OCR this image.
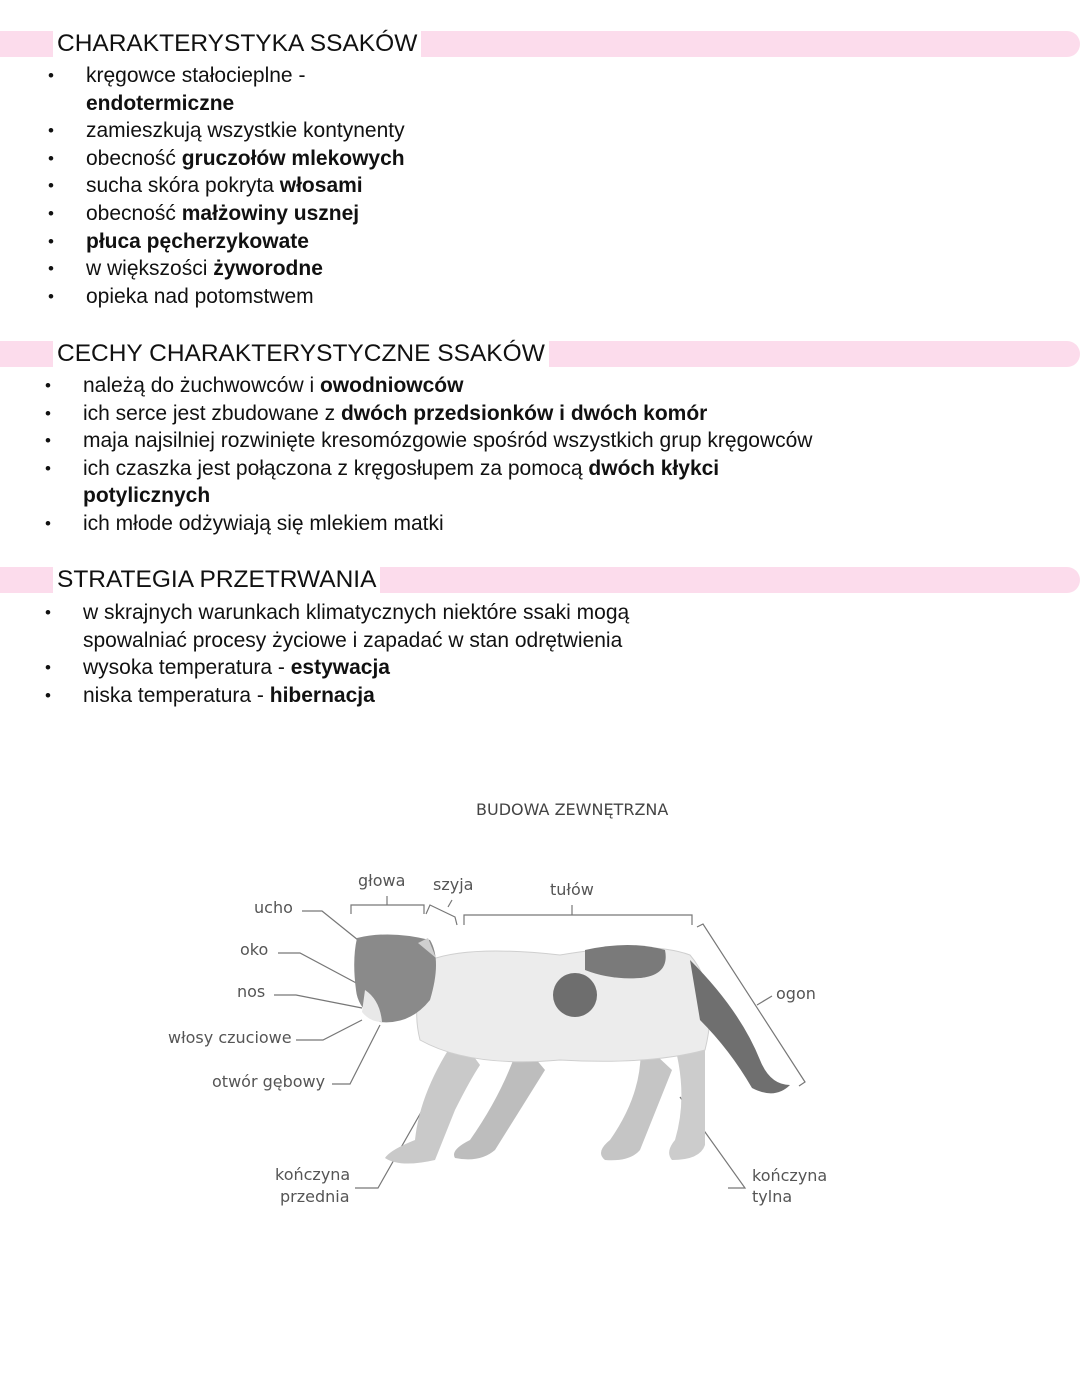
CHARAKTERYSTYKA SSAKÓW
• kręgowce stałocieplne -
endotermiczne
• zamieszkują wszystkie kontynenty
• obecność gruczołów mlekowych
• sucha skóra pokryta włosami
• obecność małżowiny usznej
• płuca pęcherzykowate
• w większości żyworodne
• opieka nad potomstwem
CECHY CHARAKTERYSTYCZNE SSAKÓW
• należą do żuchwowców i owodniowców
• ich serce jest zbudowane z dwóch przedsionków i dwóch komór
• maja najsilniej rozwinięte kresomózgowie spośród wszystkich grup kręgowców
• ich czaszka jest połączona z kręgosłupem za pomocą dwóch kłykci
potylicznych
• ich młode odżywiają się mlekiem matki
STRATEGIA PRZETRWANIA
• w skrajnych warunkach klimatycznych niektóre ssaki mogą
spowalniać procesy życiowe i zapadać w stan odrętwienia
• wysoka temperatura - estywacja
• niska temperatura - hibernacja
BUDOWA ZEWNĘTRZNA
głowa szyja	tułów
ucho
oko
nos
włosy czuciowe
otwór gębowy
ogon
kończyna
przednia
kończyna
tylna
